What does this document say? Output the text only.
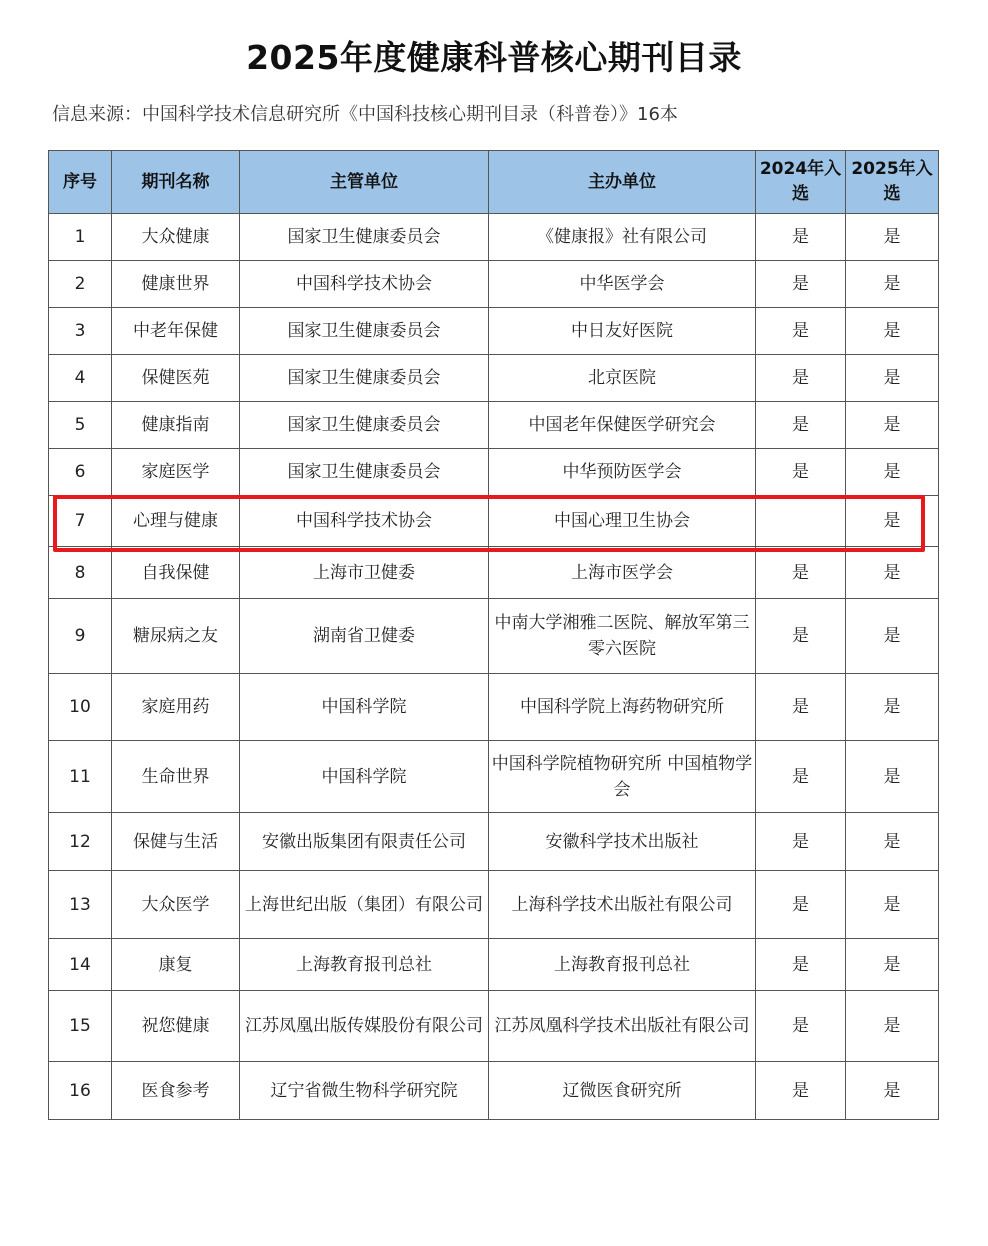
2025年度健康科普核心期刊目录
信息来源：中国科学技术信息研究所《中国科技核心期刊目录（科普卷）》16本
序号	期刊名称	主管单位	主办单位	2024年入选	2025年入选
1	大众健康	国家卫生健康委员会	《健康报》社有限公司	是	是
2	健康世界	中国科学技术协会	中华医学会	是	是
3	中老年保健	国家卫生健康委员会	中日友好医院	是	是
4	保健医苑	国家卫生健康委员会	北京医院	是	是
5	健康指南	国家卫生健康委员会	中国老年保健医学研究会	是	是
6	家庭医学	国家卫生健康委员会	中华预防医学会	是	是
7	心理与健康	中国科学技术协会	中国心理卫生协会		是
8	自我保健	上海市卫健委	上海市医学会	是	是
9	糖尿病之友	湖南省卫健委	中南大学湘雅二医院、解放军第三零六医院	是	是
10	家庭用药	中国科学院	中国科学院上海药物研究所	是	是
11	生命世界	中国科学院	中国科学院植物研究所 中国植物学会	是	是
12	保健与生活	安徽出版集团有限责任公司	安徽科学技术出版社	是	是
13	大众医学	上海世纪出版（集团）有限公司	上海科学技术出版社有限公司	是	是
14	康复	上海教育报刊总社	上海教育报刊总社	是	是
15	祝您健康	江苏凤凰出版传媒股份有限公司	江苏凤凰科学技术出版社有限公司	是	是
16	医食参考	辽宁省微生物科学研究院	辽微医食研究所	是	是
